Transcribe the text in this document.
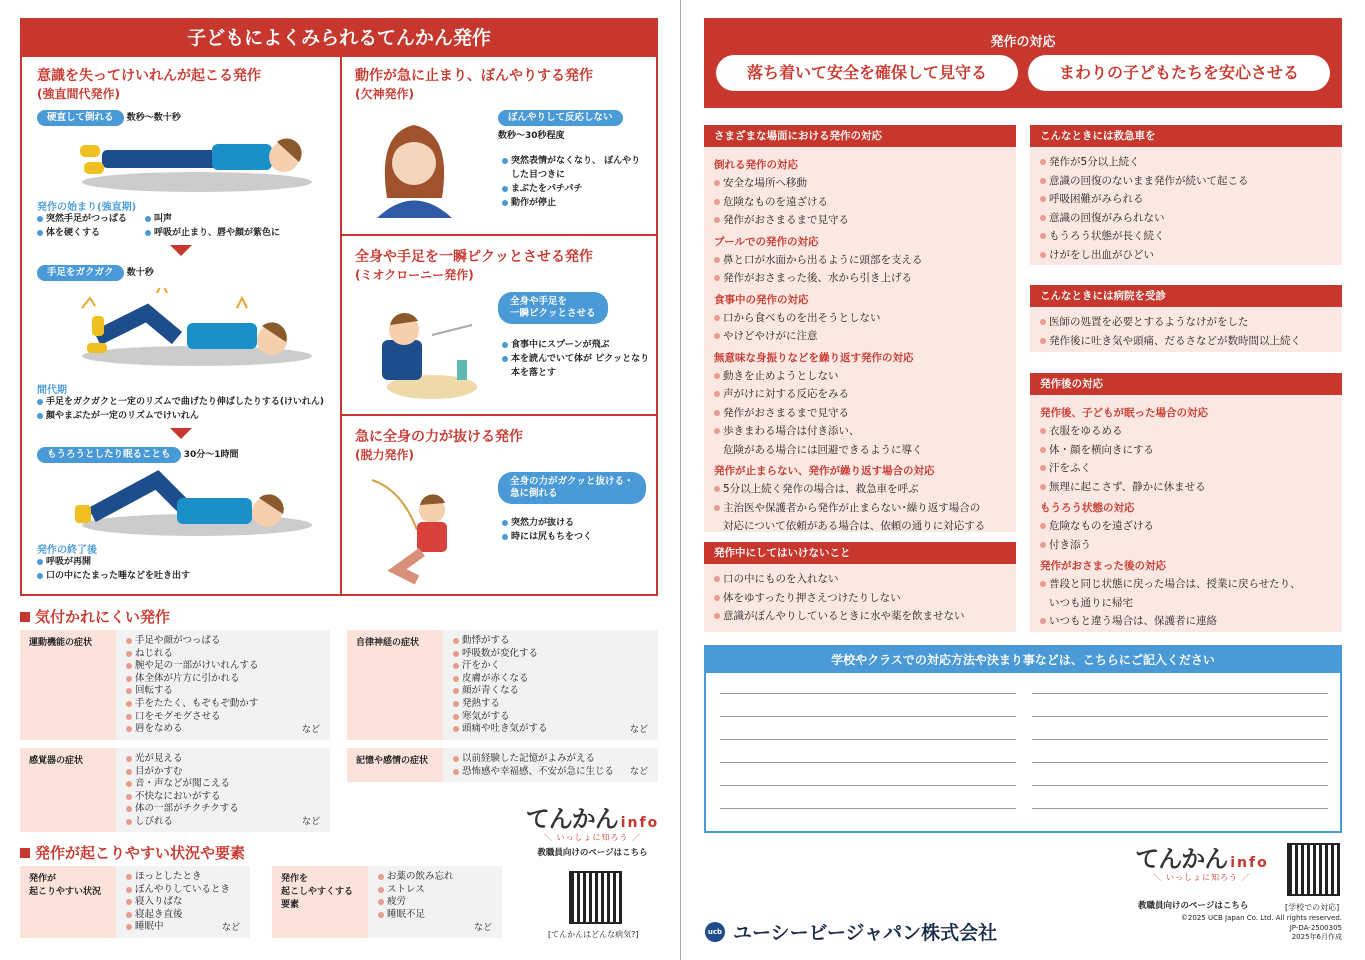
子どもによくみられるてんかん発作
意識を失ってけいれんが起こる発作
(強直間代発作)
硬直して倒れる 数秒〜数十秒
発作の始まり(強直期)
突然手足がつっぱる	叫声
体を硬くする	呼吸が止まり、唇や顔が紫色に
手足をガクガク 数十秒
間代期
手足をガクガクと一定のリズムで曲げたり伸ばしたりする(けいれん)
顔やまぶたが一定のリズムでけいれん
もうろうとしたり眠ることも 30分〜1時間
発作の終了後
呼吸が再開
口の中にたまった唾などを吐き出す
動作が急に止まり、ぼんやりする発作
(欠神発作)
ぼんやりして反応しない
数秒〜30秒程度
突然表情がなくなり、 ぼんやりした目つきに
まぶたをパチパチ
動作が停止
全身や手足を一瞬ピクッとさせる発作
(ミオクローニー発作)
全身や手足を
一瞬ピクッとさせる
食事中にスプーンが飛ぶ
本を読んでいて体が ピクッとなり本を落とす
急に全身の力が抜ける発作
(脱力発作)
全身の力がガクッと抜ける・
急に倒れる
突然力が抜ける
時には尻もちをつく
気付かれにくい発作
運動機能の症状	手足や顔がつっぱる
ねじれる
腕や足の一部がけいれんする
体全体が片方に引かれる
回転する
手をたたく、もぞもぞ動かす
口をモグモグさせる
唇をなめる	など
自律神経の症状	動悸がする
呼吸数が変化する
汗をかく
皮膚が赤くなる
顔が青くなる
発熱する
寒気がする
頭痛や吐き気がする	など
感覚器の症状	光が見える
目がかすむ
音・声などが聞こえる
不快なにおいがする
体の一部がチクチクする
しびれる	など
記憶や感情の症状	以前経験した記憶がよみがえる
恐怖感や幸福感、不安が急に生じる	など
発作が起こりやすい状況や要素
発作が
起こりやすい状況
ほっとしたとき
ぼんやりしているとき
寝入りばな
寝起き直後
睡眠中	など
発作を
起こしやすくする
要素
お薬の飲み忘れ
ストレス
疲労
睡眠不足
など
てんかん info
＼ いっしょに知ろう ／
教職員向けのページはこちら
[てんかんはどんな病気?]
発作の対応
落ち着いて安全を確保して見守る	まわりの子どもたちを安心させる
さまざまな場面における発作の対応
倒れる発作の対応
安全な場所へ移動
危険なものを遠ざける
発作がおさまるまで見守る
プールでの発作の対応
鼻と口が水面から出るように頭部を支える
発作がおさまった後、水から引き上げる
食事中の発作の対応
口から食べものを出そうとしない
やけどやけがに注意
無意味な身振りなどを繰り返す発作の対応
動きを止めようとしない
声がけに対する反応をみる
発作がおさまるまで見守る
歩きまわる場合は付き添い、
危険がある場合には回避できるように導く
発作が止まらない、発作が繰り返す場合の対応
5分以上続く発作の場合は、救急車を呼ぶ
主治医や保護者から発作が止まらない･繰り返す場合の
対応について依頼がある場合は、依頼の通りに対応する
発作中にしてはいけないこと
口の中にものを入れない
体をゆすったり押さえつけたりしない
意識がぼんやりしているときに水や薬を飲ませない
こんなときには救急車を
発作が5分以上続く
意識の回復のないまま発作が続いて起こる
呼吸困難がみられる
意識の回復がみられない
もうろう状態が長く続く
けがをし出血がひどい
こんなときには病院を受診
医師の処置を必要とするようなけがをした
発作後に吐き気や頭痛、だるさなどが数時間以上続く
発作後の対応
発作後、子どもが眠った場合の対応
衣服をゆるめる
体・顔を横向きにする
汗をふく
無理に起こさず、静かに休ませる
もうろう状態の対応
危険なものを遠ざける
付き添う
発作がおさまった後の対応
普段と同じ状態に戻った場合は、授業に戻らせたり、
いつも通りに帰宅
いつもと違う場合は、保護者に連絡
学校やクラスでの対応方法や決まり事などは、こちらにご記入ください
ucb ユーシービージャパン株式会社
てんかん info
＼ いっしょに知ろう ／
教職員向けのページはこちら	[学校での対応]
©2025 UCB Japan Co. Ltd. All rights reserved.
JP-DA-2500305
2025年6月作成
